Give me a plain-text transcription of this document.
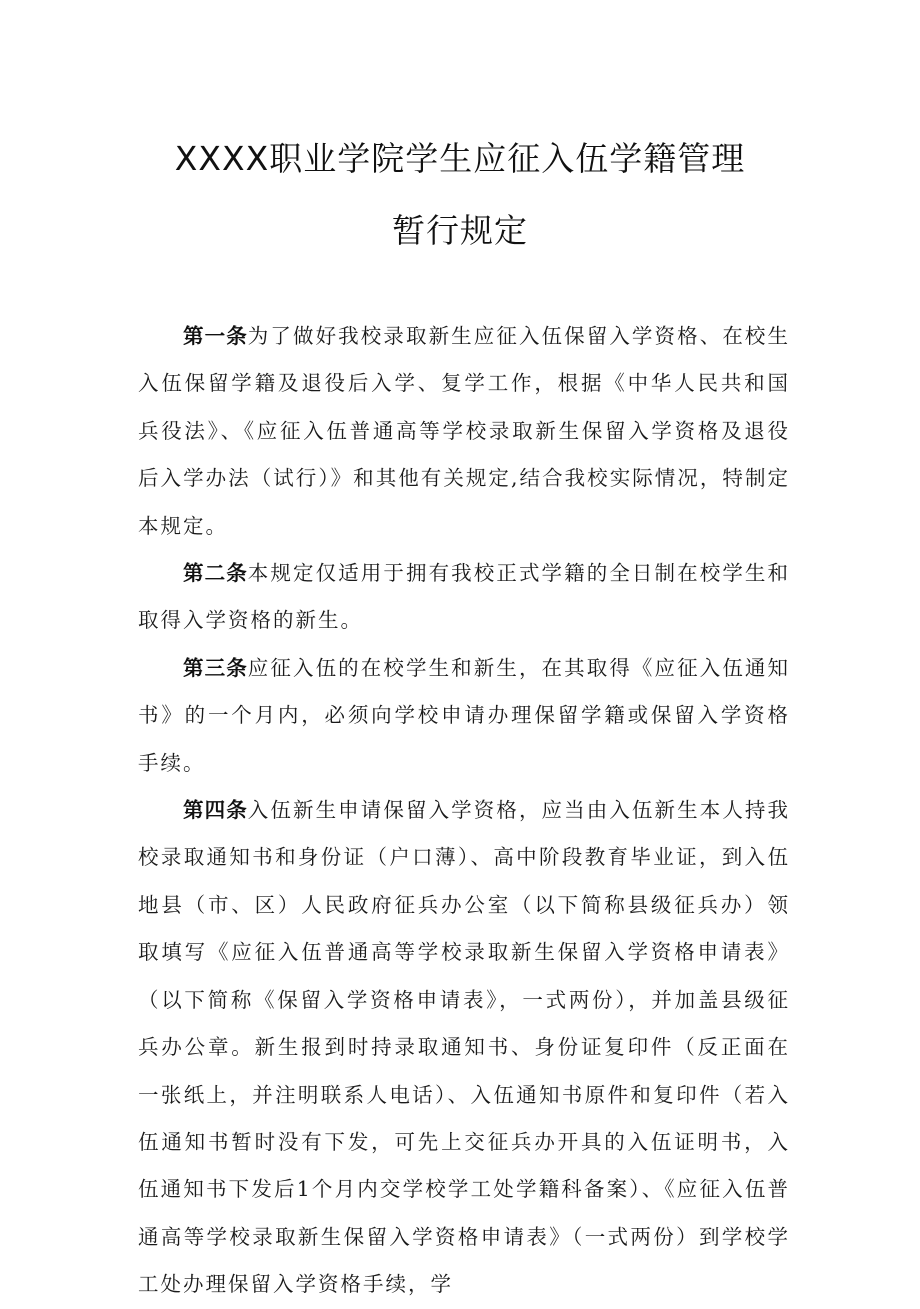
XXXX职业学院学生应征入伍学籍管理
暂行规定

第一条为了做好我校录取新生应征入伍保留入学资格、在校生入伍保留学籍及退役后入学、复学工作，根据《中华人民共和国兵役法》、《应征入伍普通高等学校录取新生保留入学资格及退役后入学办法（试行）》和其他有关规定,结合我校实际情况，特制定本规定。

第二条本规定仅适用于拥有我校正式学籍的全日制在校学生和取得入学资格的新生。

第三条应征入伍的在校学生和新生，在其取得《应征入伍通知书》的一个月内，必须向学校申请办理保留学籍或保留入学资格手续。

第四条入伍新生申请保留入学资格，应当由入伍新生本人持我校录取通知书和身份证（户口薄）、高中阶段教育毕业证，到入伍地县（市、区）人民政府征兵办公室（以下简称县级征兵办）领取填写《应征入伍普通高等学校录取新生保留入学资格申请表》（以下简称《保留入学资格申请表》，一式两份），并加盖县级征兵办公章。新生报到时持录取通知书、身份证复印件（反正面在一张纸上，并注明联系人电话）、入伍通知书原件和复印件（若入伍通知书暂时没有下发，可先上交征兵办开具的入伍证明书，入伍通知书下发后1个月内交学校学工处学籍科备案）、《应征入伍普通高等学校录取新生保留入学资格申请表》（一式两份）到学校学工处办理保留入学资格手续，学
